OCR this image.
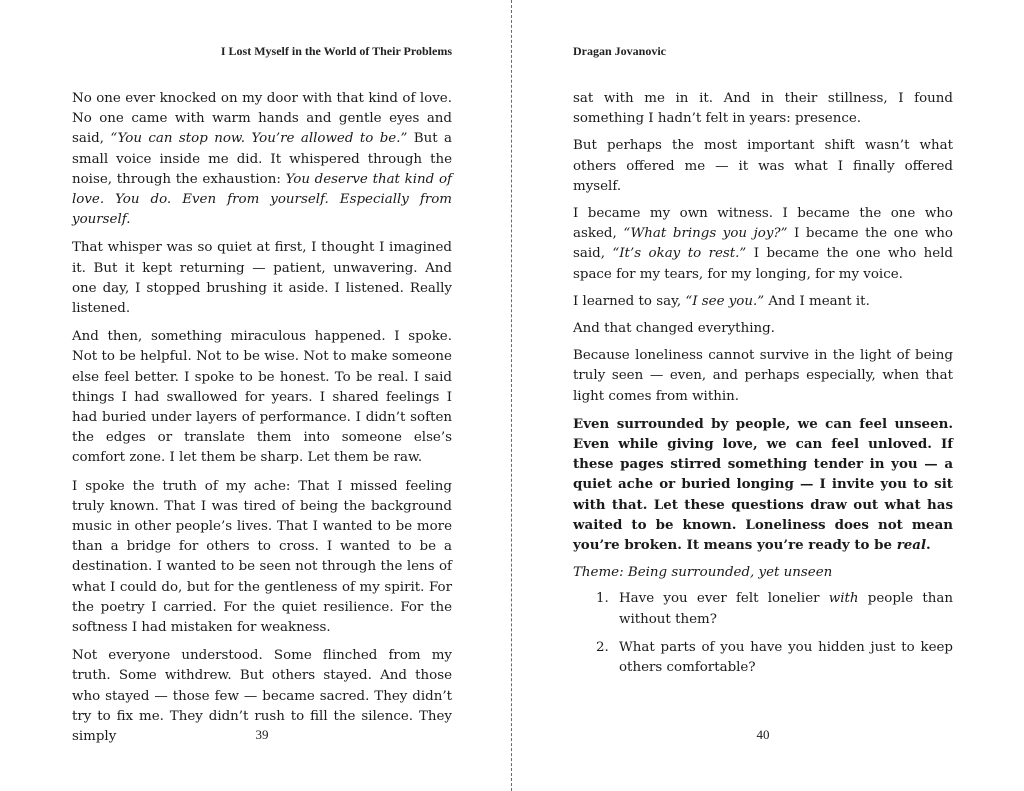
I Lost Myself in the World of Their Problems

No one ever knocked on my door with that kind of love. No one came with warm hands and gentle eyes and said, “You can stop now. You’re allowed to be.” But a small voice inside me did. It whispered through the noise, through the exhaustion: You deserve that kind of love. You do. Even from yourself. Especially from yourself.

That whisper was so quiet at first, I thought I imagined it. But it kept returning — patient, unwavering. And one day, I stopped brushing it aside. I listened. Really listened.

And then, something miraculous happened. I spoke. Not to be helpful. Not to be wise. Not to make someone else feel better. I spoke to be honest. To be real. I said things I had swallowed for years. I shared feelings I had buried under layers of performance. I didn’t soften the edges or translate them into someone else’s comfort zone. I let them be sharp. Let them be raw.

I spoke the truth of my ache: That I missed feeling truly known. That I was tired of being the background music in other people’s lives. That I wanted to be more than a bridge for others to cross. I wanted to be a destination. I wanted to be seen not through the lens of what I could do, but for the gentleness of my spirit. For the poetry I carried. For the quiet resilience. For the softness I had mistaken for weakness.

Not everyone understood. Some flinched from my truth. Some withdrew. But others stayed. And those who stayed — those few — became sacred. They didn’t try to fix me. They didn’t rush to fill the silence. They simply	39
Dragan Jovanovic

sat with me in it. And in their stillness, I found something I hadn’t felt in years: presence.

But perhaps the most important shift wasn’t what others offered me — it was what I finally offered myself.

I became my own witness. I became the one who asked, “What brings you joy?” I became the one who said, “It’s okay to rest.” I became the one who held space for my tears, for my longing, for my voice.

I learned to say, “I see you.” And I meant it.

And that changed everything.

Because loneliness cannot survive in the light of being truly seen — even, and perhaps especially, when that light comes from within.

Even surrounded by people, we can feel unseen. Even while giving love, we can feel unloved. If these pages stirred something tender in you — a quiet ache or buried longing — I invite you to sit with that. Let these questions draw out what has waited to be known. Loneliness does not mean you’re broken. It means you’re ready to be real.

Theme: Being surrounded, yet unseen
1. Have you ever felt lonelier with people than without them?
2. What parts of you have you hidden just to keep others comfortable?
40
